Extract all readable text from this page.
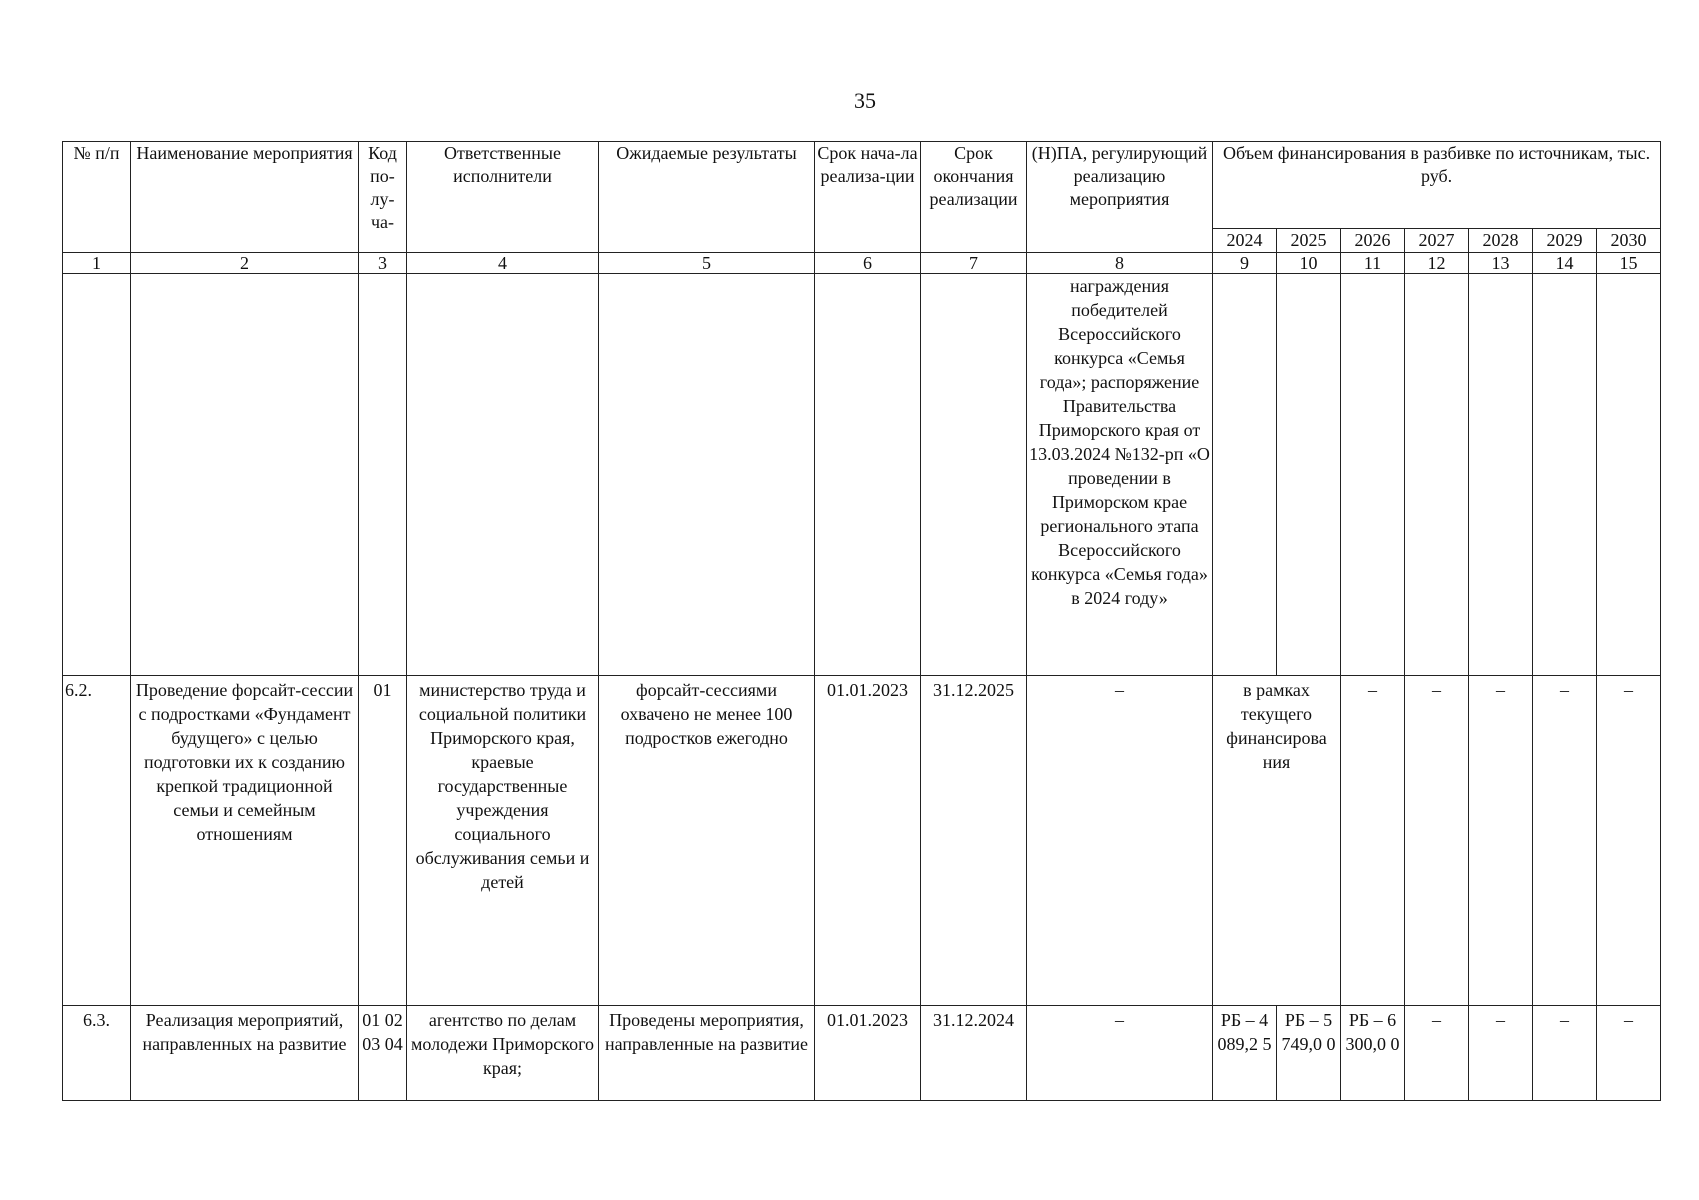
35
№ п/п	Наименование мероприятия	Код по-лу-ча-	Ответственные исполнители	Ожидаемые результаты	Срок нача-ла реализа-ции	Срок окончания реализации	(Н)ПА, регулирующий реализацию мероприятия	Объем финансирования в разбивке по источникам, тыс. руб.						
								2024	2025	2026	2027	2028	2029	2030
1	2	3	4	5	6	7	8	9	10	11	12	13	14	15
							награждения победителей Всероссийского конкурса «Семья года»; распоряжение Правительства Приморского края от 13.03.2024 №132-рп «О проведении в Приморском крае регионального этапа Всероссийского конкурса «Семья года» в 2024 году»							
6.2.	Проведение форсайт-сессии с подростками «Фундамент будущего» с целью подготовки их к созданию крепкой традиционной семьи и семейным отношениям	01	министерство труда и социальной политики Приморского края, краевые государственные учреждения социального обслуживания семьи и детей	форсайт-сессиями охвачено не менее 100 подростков ежегодно	01.01.2023	31.12.2025	–	в рамках текущего финансирова ния		–	–	–	–	–
6.3.	Реализация мероприятий, направленных на развитие	01 02 03 04	агентство по делам молодежи Приморского края;	Проведены мероприятия, направленные на развитие	01.01.2023	31.12.2024	–	РБ – 4 089,2 5	РБ – 5 749,0 0	РБ – 6 300,0 0	–	–	–	–
